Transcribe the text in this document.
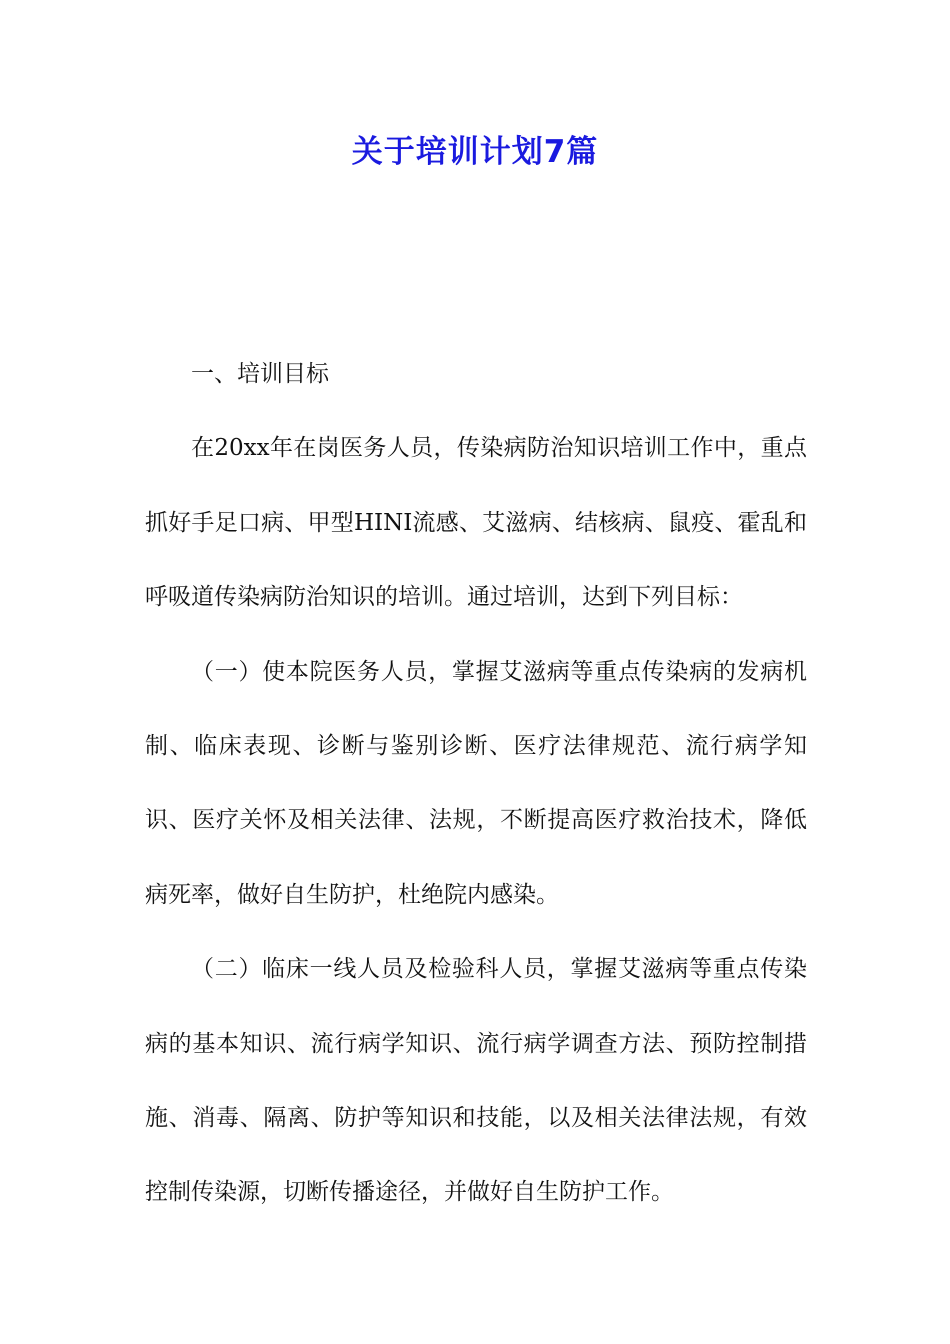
关于培训计划7篇

一、培训目标

在20xx年在岗医务人员，传染病防治知识培训工作中，重点抓好手足口病、甲型HINI流感、艾滋病、结核病、鼠疫、霍乱和呼吸道传染病防治知识的培训。通过培训，达到下列目标：

（一）使本院医务人员，掌握艾滋病等重点传染病的发病机制、临床表现、诊断与鉴别诊断、医疗法律规范、流行病学知识、医疗关怀及相关法律、法规，不断提高医疗救治技术，降低病死率，做好自生防护，杜绝院内感染。

（二）临床一线人员及检验科人员，掌握艾滋病等重点传染病的基本知识、流行病学知识、流行病学调查方法、预防控制措施、消毒、隔离、防护等知识和技能，以及相关法律法规，有效控制传染源，切断传播途径，并做好自生防护工作。
